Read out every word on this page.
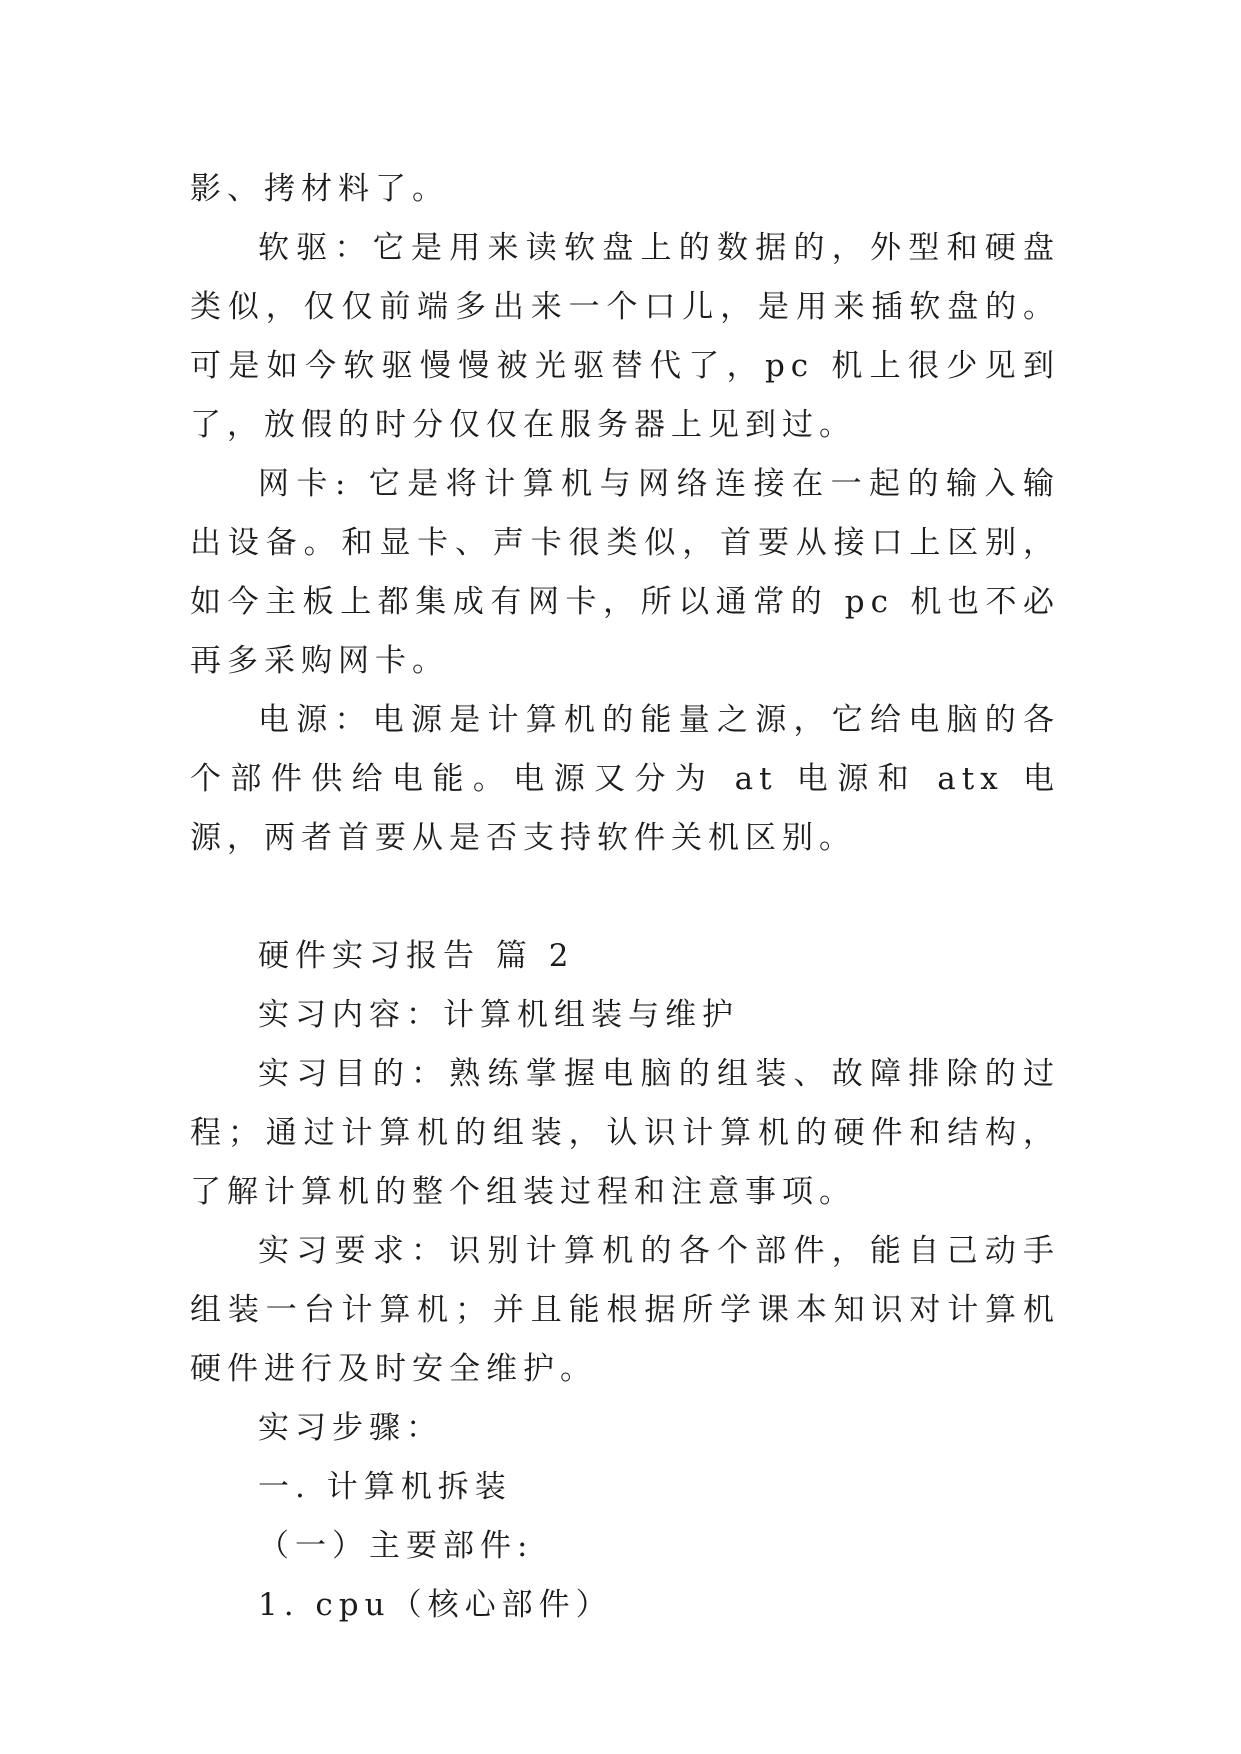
影、拷材料了。

软驱：它是用来读软盘上的数据的，外型和硬盘类似，仅仅前端多出来一个口儿，是用来插软盘的。可是如今软驱慢慢被光驱替代了，pc 机上很少见到了，放假的时分仅仅在服务器上见到过。

网卡: 它是将计算机与网络连接在一起的输入输出设备。和显卡、声卡很类似，首要从接口上区别，如今主板上都集成有网卡，所以通常的 pc 机也不必再多采购网卡。

电源：电源是计算机的能量之源，它给电脑的各个部件供给电能。电源又分为 at 电源和 atx 电源，两者首要从是否支持软件关机区别。

硬件实习报告 篇 2

实习内容：计算机组装与维护

实习目的：熟练掌握电脑的组装、故障排除的过程；通过计算机的组装，认识计算机的硬件和结构，了解计算机的整个组装过程和注意事项。

实习要求：识别计算机的各个部件，能自己动手组装一台计算机；并且能根据所学课本知识对计算机硬件进行及时安全维护。

实习步骤：

一. 计算机拆装

（一）主要部件:

1. cpu（核心部件）
